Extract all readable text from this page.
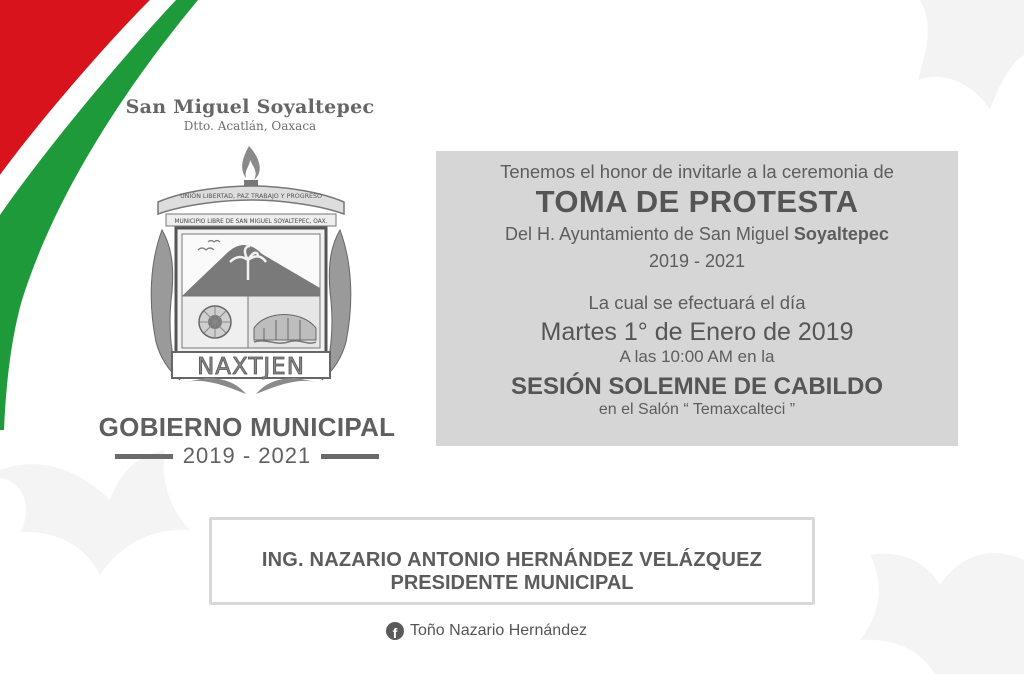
San Miguel Soyaltepec
Dtto. Acatlán, Oaxaca
UNIÓN LIBERTAD, PAZ TRABAJO Y PROGRESO
MUNICIPIO LIBRE DE SAN MIGUEL SOYALTEPEC, OAX.
NAXTJEN
GOBIERNO MUNICIPAL
2019 - 2021
Tenemos el honor de invitarle a la ceremonia de
TOMA DE PROTESTA
Del H. Ayuntamiento de San Miguel Soyaltepec
2019 - 2021
La cual se efectuará el día
Martes 1° de Enero de 2019
A las 10:00 AM en la
SESIÓN SOLEMNE DE CABILDO
en el Salón “ Temaxcalteci ”
ING. NAZARIO ANTONIO HERNÁNDEZ VELÁZQUEZ
PRESIDENTE MUNICIPAL
f Toño Nazario Hernández
